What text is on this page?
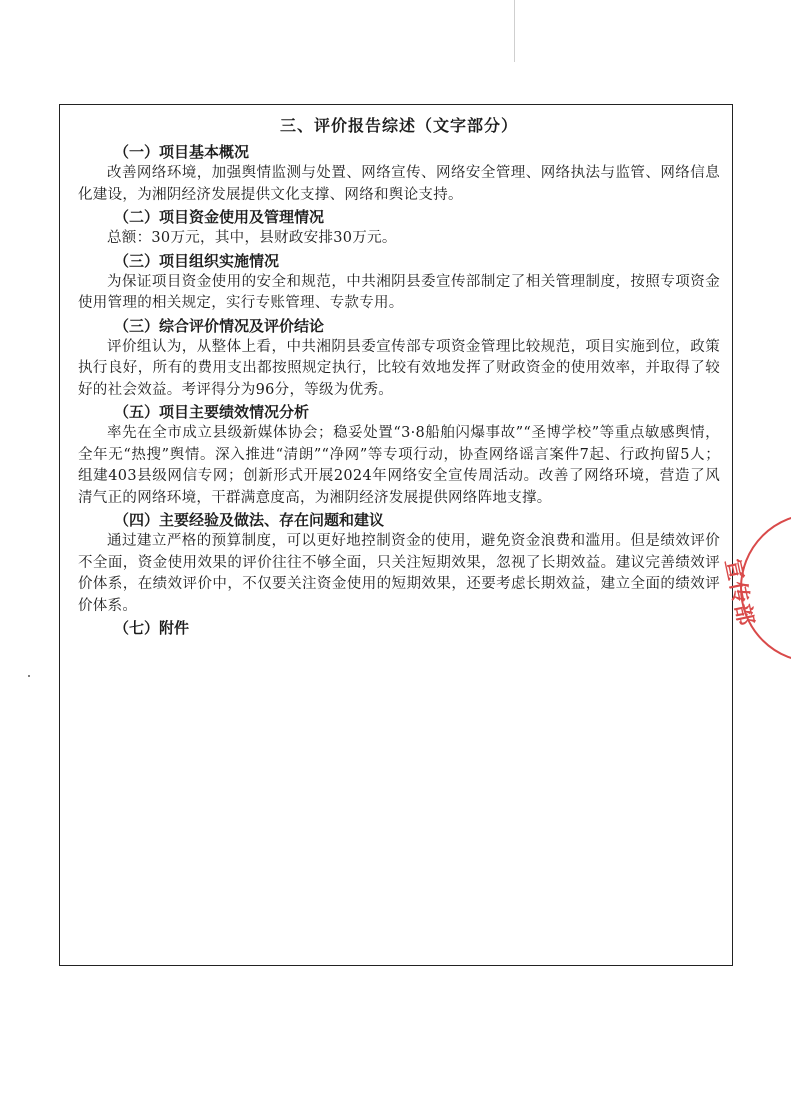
三、评价报告综述（文字部分）

（一）项目基本概况

改善网络环境，加强舆情监测与处置、网络宣传、网络安全管理、网络执法与监管、网络信息化建设，为湘阴经济发展提供文化支撑、网络和舆论支持。

（二）项目资金使用及管理情况

总额：30万元，其中，县财政安排30万元。

（三）项目组织实施情况

为保证项目资金使用的安全和规范，中共湘阴县委宣传部制定了相关管理制度，按照专项资金使用管理的相关规定，实行专账管理、专款专用。

（三）综合评价情况及评价结论

评价组认为，从整体上看，中共湘阴县委宣传部专项资金管理比较规范，项目实施到位，政策执行良好，所有的费用支出都按照规定执行，比较有效地发挥了财政资金的使用效率，并取得了较好的社会效益。考评得分为96分，等级为优秀。

（五）项目主要绩效情况分析

率先在全市成立县级新媒体协会；稳妥处置“3·8船舶闪爆事故”“圣博学校”等重点敏感舆情，全年无“热搜”舆情。深入推进“清朗”“净网”等专项行动，协查网络谣言案件7起、行政拘留5人；组建403县级网信专网；创新形式开展2024年网络安全宣传周活动。改善了网络环境，营造了风清气正的网络环境，干群满意度高，为湘阴经济发展提供网络阵地支撑。

（四）主要经验及做法、存在问题和建议

通过建立严格的预算制度，可以更好地控制资金的使用，避免资金浪费和滥用。但是绩效评价不全面，资金使用效果的评价往往不够全面，只关注短期效果，忽视了长期效益。建议完善绩效评价体系，在绩效评价中，不仅要关注资金使用的短期效果，还要考虑长期效益，建立全面的绩效评价体系。

（七）附件	宣传部
